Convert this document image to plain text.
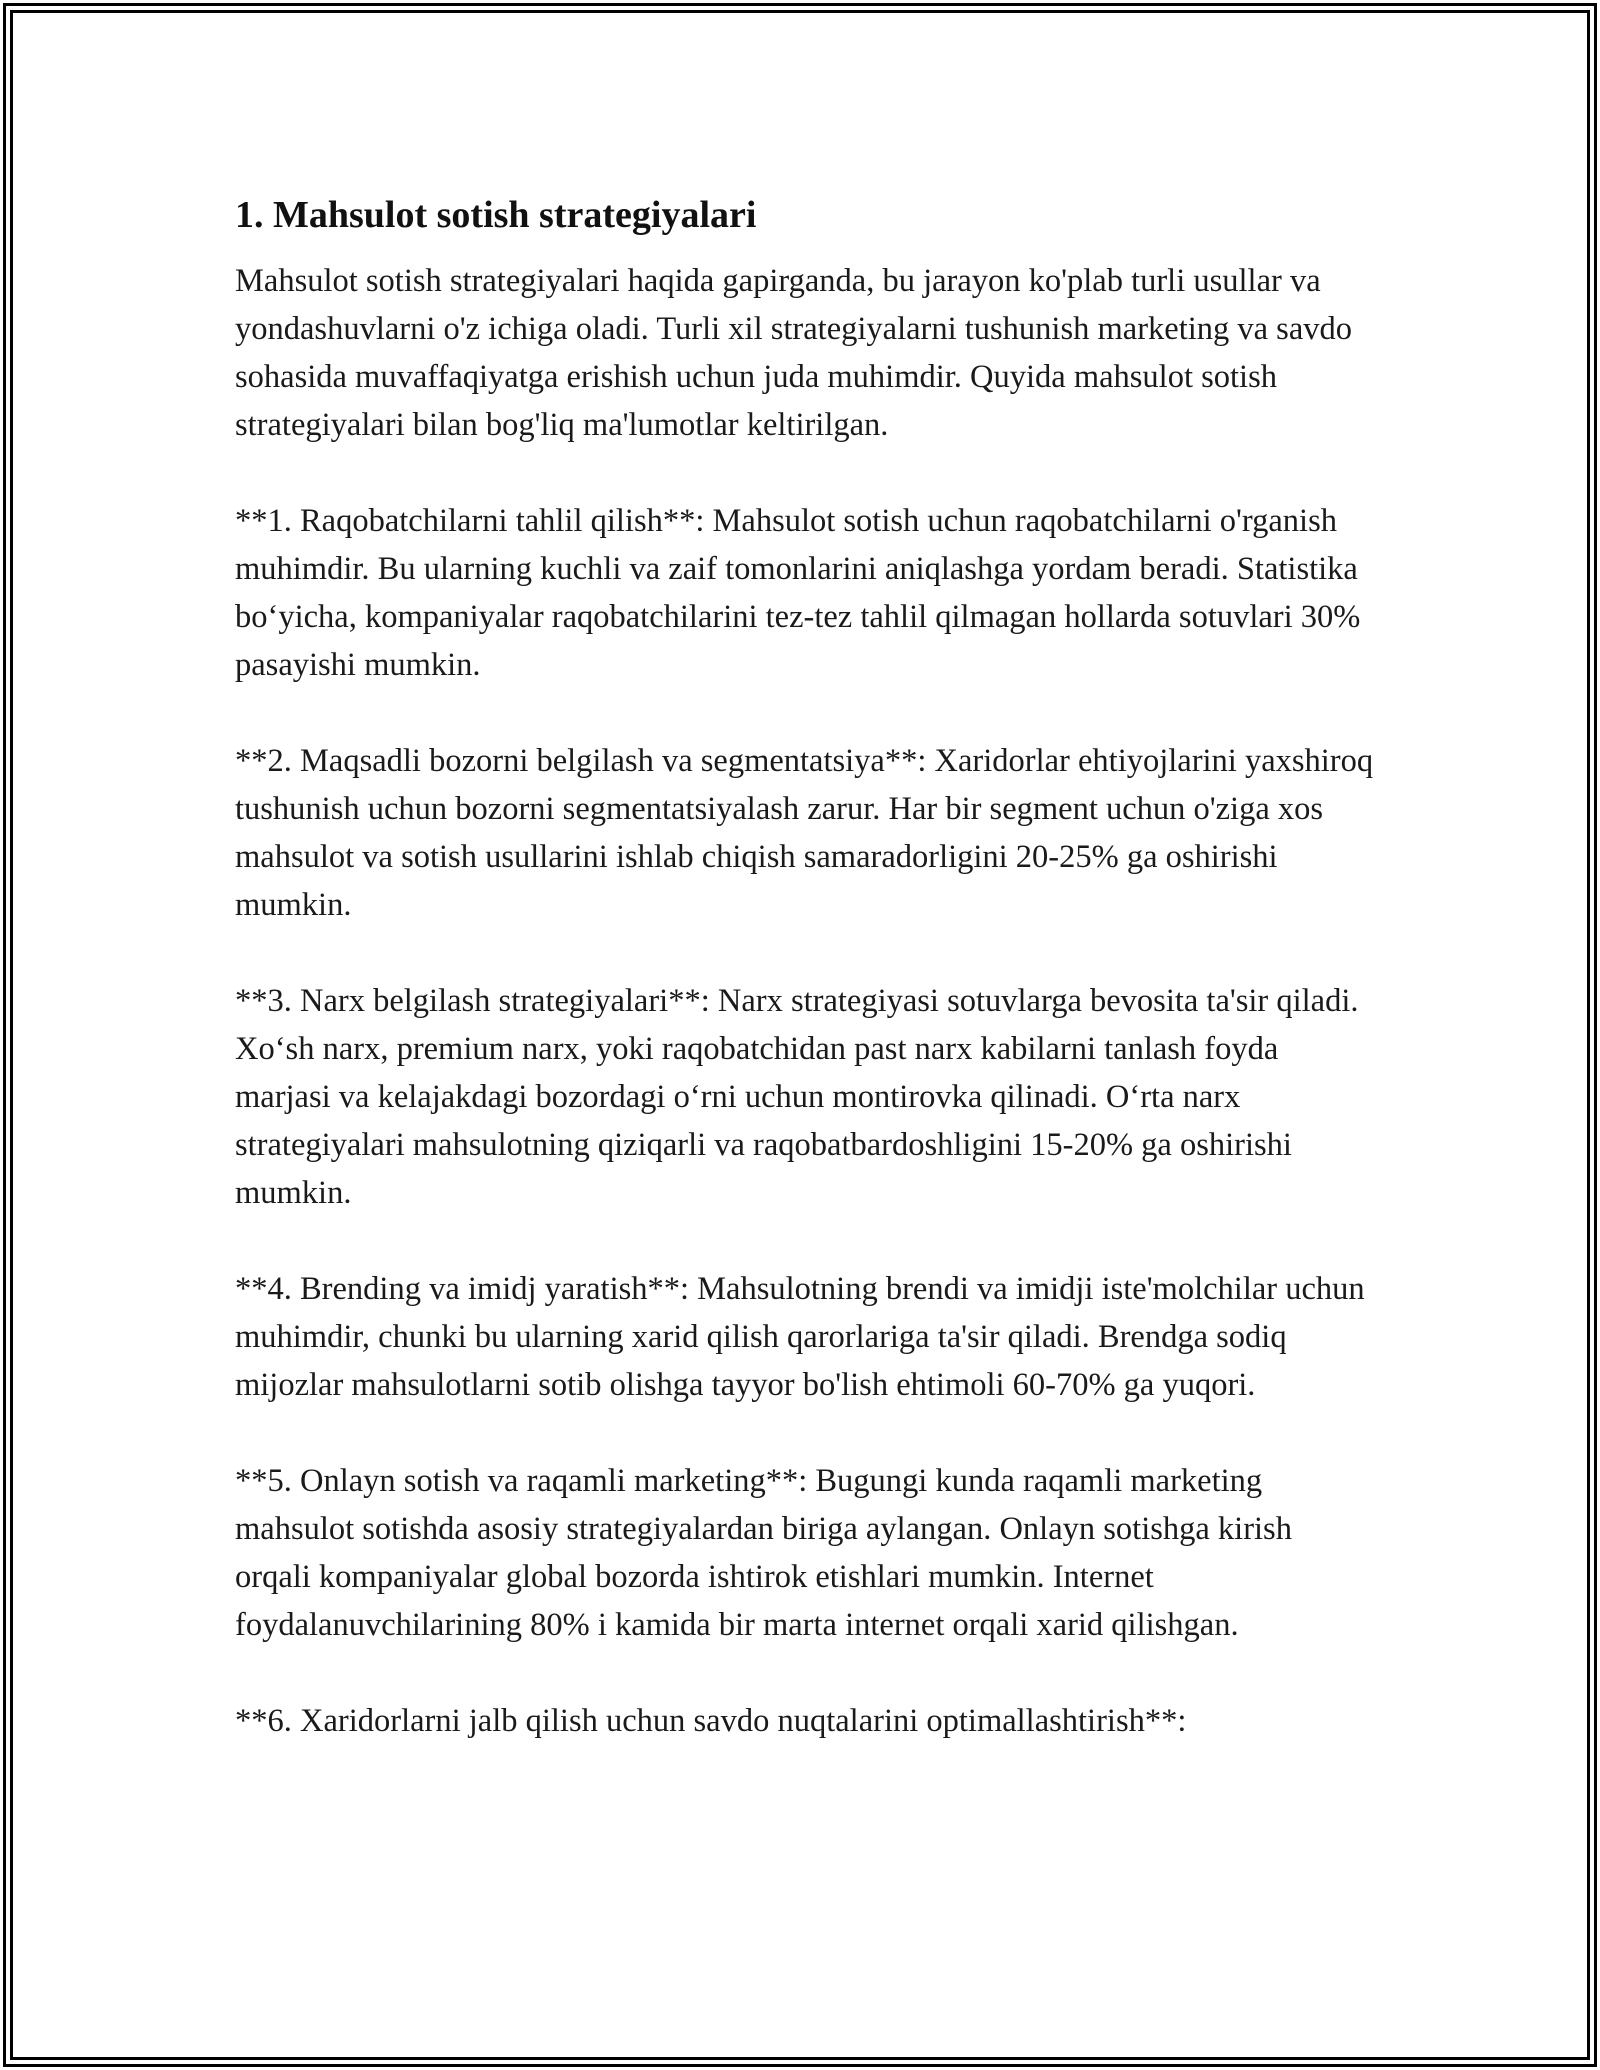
1. Mahsulot sotish strategiyalari

Mahsulot sotish strategiyalari haqida gapirganda, bu jarayon ko'plab turli usullar va yondashuvlarni o'z ichiga oladi. Turli xil strategiyalarni tushunish marketing va savdo sohasida muvaffaqiyatga erishish uchun juda muhimdir. Quyida mahsulot sotish strategiyalari bilan bog'liq ma'lumotlar keltirilgan.

**1. Raqobatchilarni tahlil qilish**: Mahsulot sotish uchun raqobatchilarni o'rganish muhimdir. Bu ularning kuchli va zaif tomonlarini aniqlashga yordam beradi. Statistika bo‘yicha, kompaniyalar raqobatchilarini tez-tez tahlil qilmagan hollarda sotuvlari 30% pasayishi mumkin.

**2. Maqsadli bozorni belgilash va segmentatsiya**: Xaridorlar ehtiyojlarini yaxshiroq tushunish uchun bozorni segmentatsiyalash zarur. Har bir segment uchun o'ziga xos mahsulot va sotish usullarini ishlab chiqish samaradorligini 20-25% ga oshirishi mumkin.

**3. Narx belgilash strategiyalari**: Narx strategiyasi sotuvlarga bevosita ta'sir qiladi. Xo‘sh narx, premium narx, yoki raqobatchidan past narx kabilarni tanlash foyda marjasi va kelajakdagi bozordagi o‘rni uchun montirovka qilinadi. O‘rta narx strategiyalari mahsulotning qiziqarli va raqobatbardoshligini 15-20% ga oshirishi mumkin.

**4. Brending va imidj yaratish**: Mahsulotning brendi va imidji iste'molchilar uchun muhimdir, chunki bu ularning xarid qilish qarorlariga ta'sir qiladi. Brendga sodiq mijozlar mahsulotlarni sotib olishga tayyor bo'lish ehtimoli 60-70% ga yuqori.

**5. Onlayn sotish va raqamli marketing**: Bugungi kunda raqamli marketing mahsulot sotishda asosiy strategiyalardan biriga aylangan. Onlayn sotishga kirish orqali kompaniyalar global bozorda ishtirok etishlari mumkin. Internet foydalanuvchilarining 80% i kamida bir marta internet orqali xarid qilishgan.

**6. Xaridorlarni jalb qilish uchun savdo nuqtalarini optimallashtirish**:
